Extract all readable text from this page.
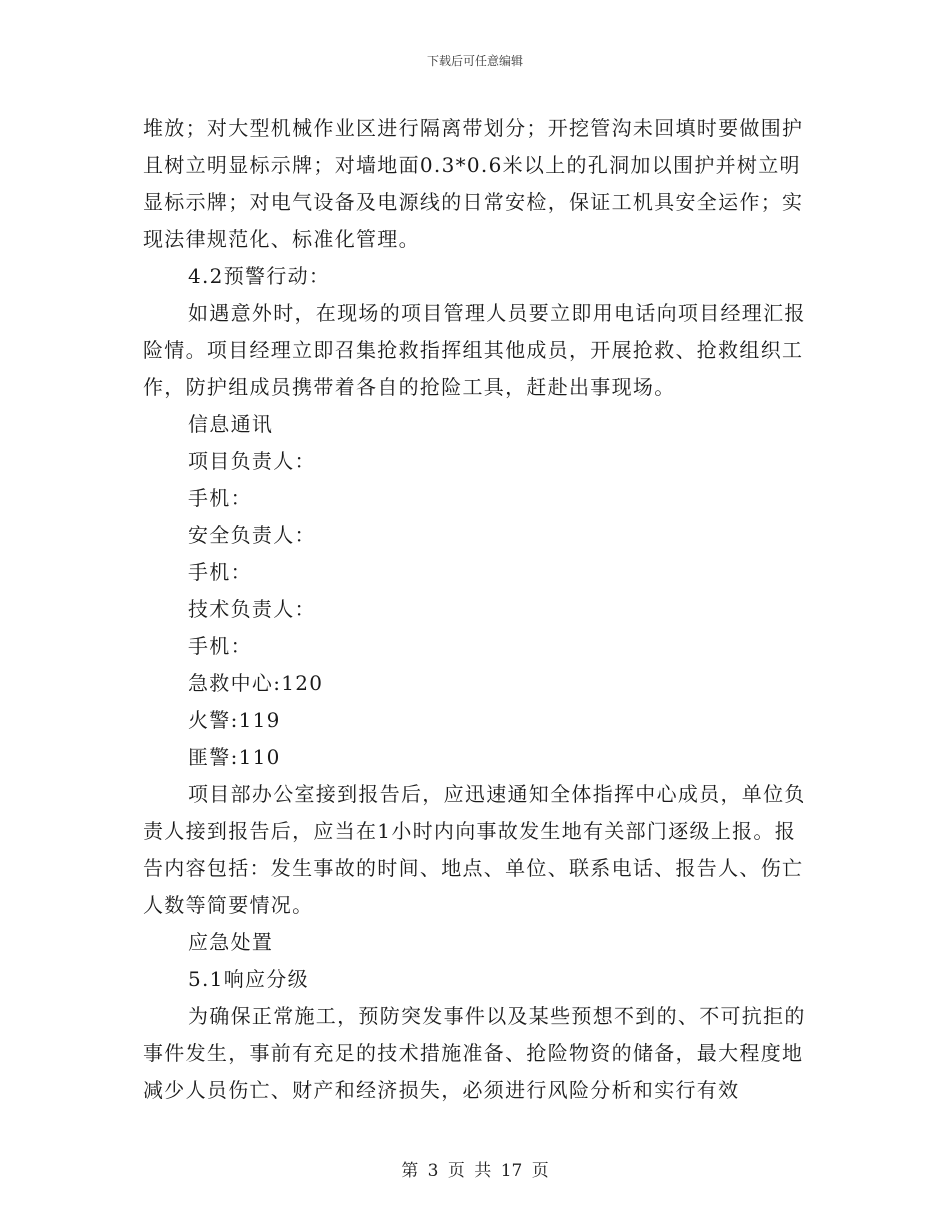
下载后可任意编辑

堆放；对大型机械作业区进行隔离带划分；开挖管沟未回填时要做围护且树立明显标示牌；对墙地面0.3*0.6米以上的孔洞加以围护并树立明显标示牌；对电气设备及电源线的日常安检，保证工机具安全运作；实现法律规范化、标准化管理。

4.2预警行动：

如遇意外时，在现场的项目管理人员要立即用电话向项目经理汇报险情。项目经理立即召集抢救指挥组其他成员，开展抢救、抢救组织工作，防护组成员携带着各自的抢险工具，赶赴出事现场。

信息通讯

项目负责人：

手机：

安全负责人：

手机：

技术负责人：

手机：

急救中心:120

火警:119

匪警:110

项目部办公室接到报告后，应迅速通知全体指挥中心成员，单位负责人接到报告后，应当在1小时内向事故发生地有关部门逐级上报。报告内容包括：发生事故的时间、地点、单位、联系电话、报告人、伤亡人数等简要情况。

应急处置

5.1响应分级

为确保正常施工，预防突发事件以及某些预想不到的、不可抗拒的事件发生，事前有充足的技术措施准备、抢险物资的储备，最大程度地减少人员伤亡、财产和经济损失，必须进行风险分析和实行有效

第 3 页 共 17 页
